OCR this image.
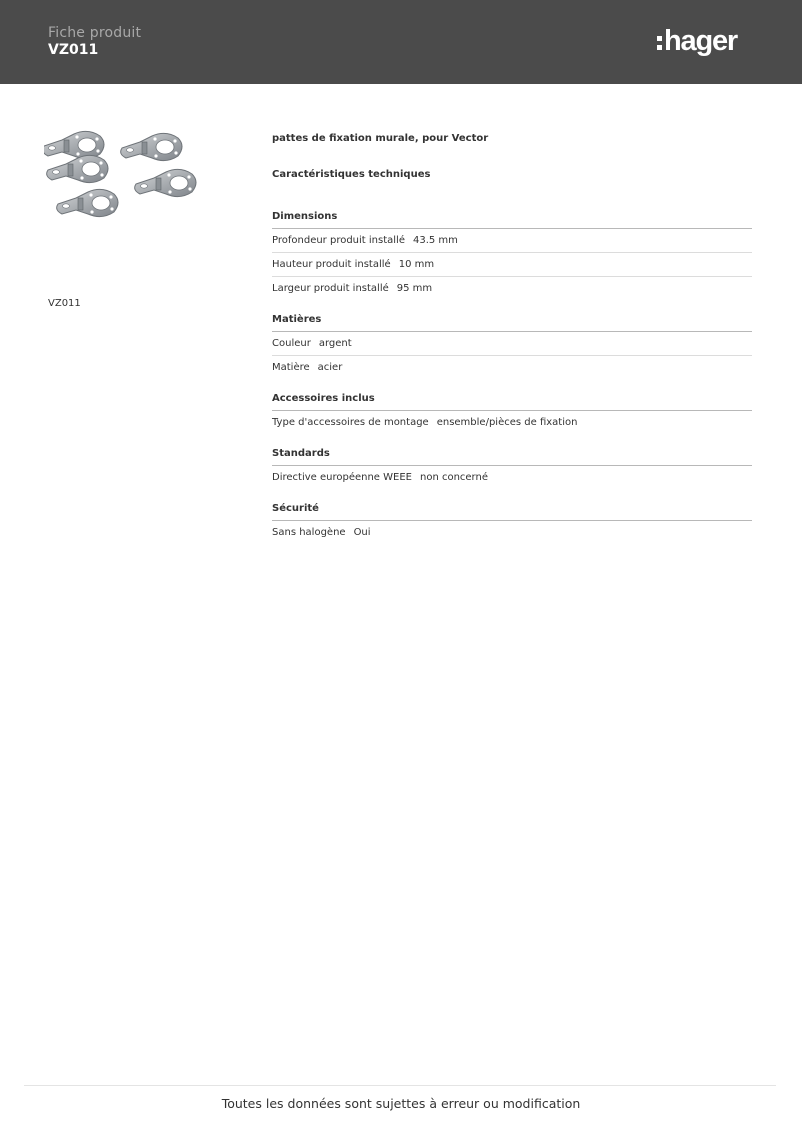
Fiche produit
VZ011	hager
VZ011
pattes de fixation murale, pour Vector
Caractéristiques techniques
Dimensions
Profondeur produit installé 43.5 mm
Hauteur produit installé 10 mm
Largeur produit installé 95 mm
Matières
Couleur argent
Matière acier
Accessoires inclus
Type d'accessoires de montage ensemble/pièces de fixation
Standards
Directive européenne WEEE non concerné
Sécurité
Sans halogène Oui
Toutes les données sont sujettes à erreur ou modification
